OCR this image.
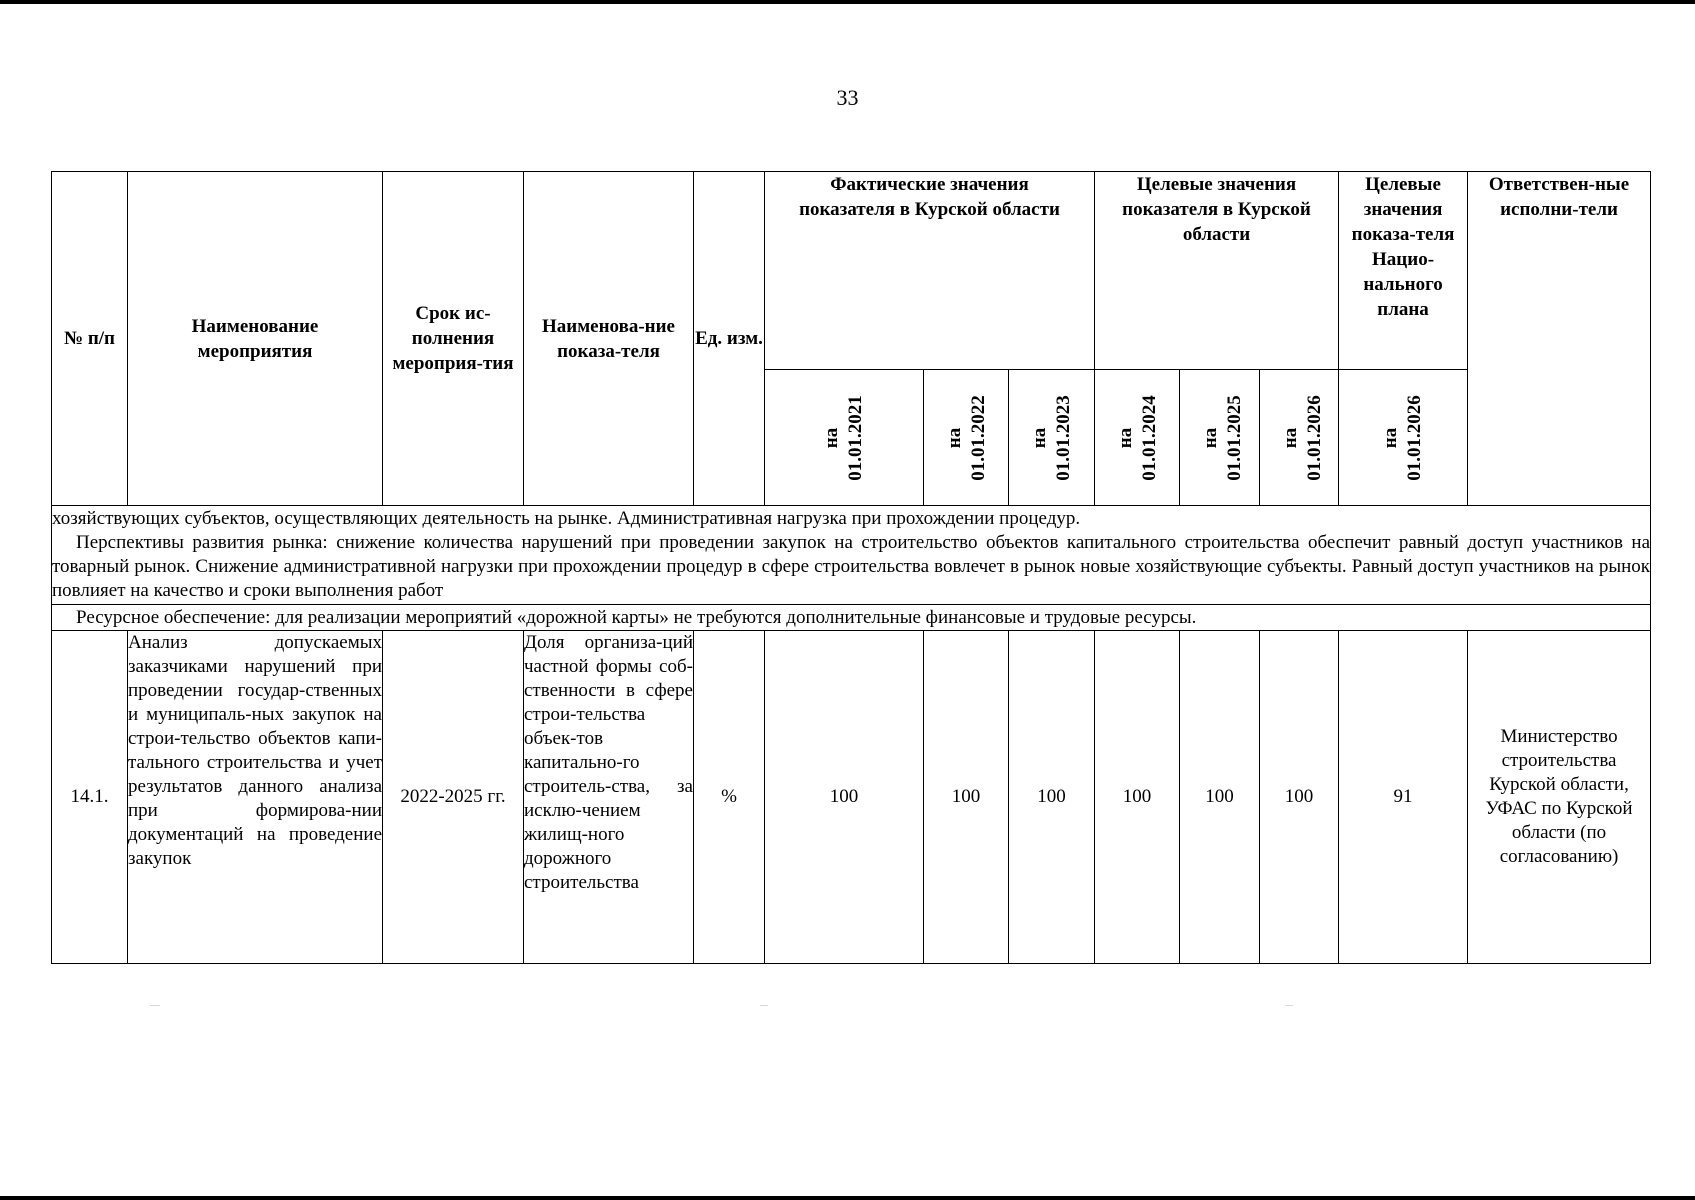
33
№ п/п	Наименование мероприятия	Срок ис-полнения мероприя-тия	Наименова-ние показа-теля	Ед. изм.	Фактические значения показателя в Курской области			Целевые значения показателя в Курской области			Целевые значения показа-теля Нацио-нального плана	Ответствен-ные исполни-тели
					на 01.01.2021	на 01.01.2022	на 01.01.2023	на 01.01.2024	на 01.01.2025	на 01.01.2026	на 01.01.2026	

хозяйствующих субъектов, осуществляющих деятельность на рынке. Административная нагрузка при прохождении процедур.

Перспективы развития рынка: снижение количества нарушений при проведении закупок на строительство объектов капитального строительства обеспечит равный доступ участников на товарный рынок. Снижение административной нагрузки при прохождении процедур в сфере строительства вовлечет в рынок новые хозяйствующие субъекты. Равный доступ участников на рынок повлияет на качество и сроки выполнения работ												

Ресурсное обеспечение: для реализации мероприятий «дорожной карты» не требуются дополнительные финансовые и трудовые ресурсы.												

14.1.	Анализ допускаемых заказчиками нарушений при проведении государ-ственных и муниципаль-ных закупок на строи-тельство объектов капи-тального строительства и учет результатов данного анализа при формирова-нии документаций на проведение закупок	2022-2025 гг.	Доля организа-ций частной формы соб-ственности в сфере строи-тельства объек-тов капитально-го строитель-ства, за исклю-чением жилищ-ного дорожного строительства	%	100	100	100	100	100	100	91	Министерство строительства Курской области, УФАС по Курской области (по согласованию)
